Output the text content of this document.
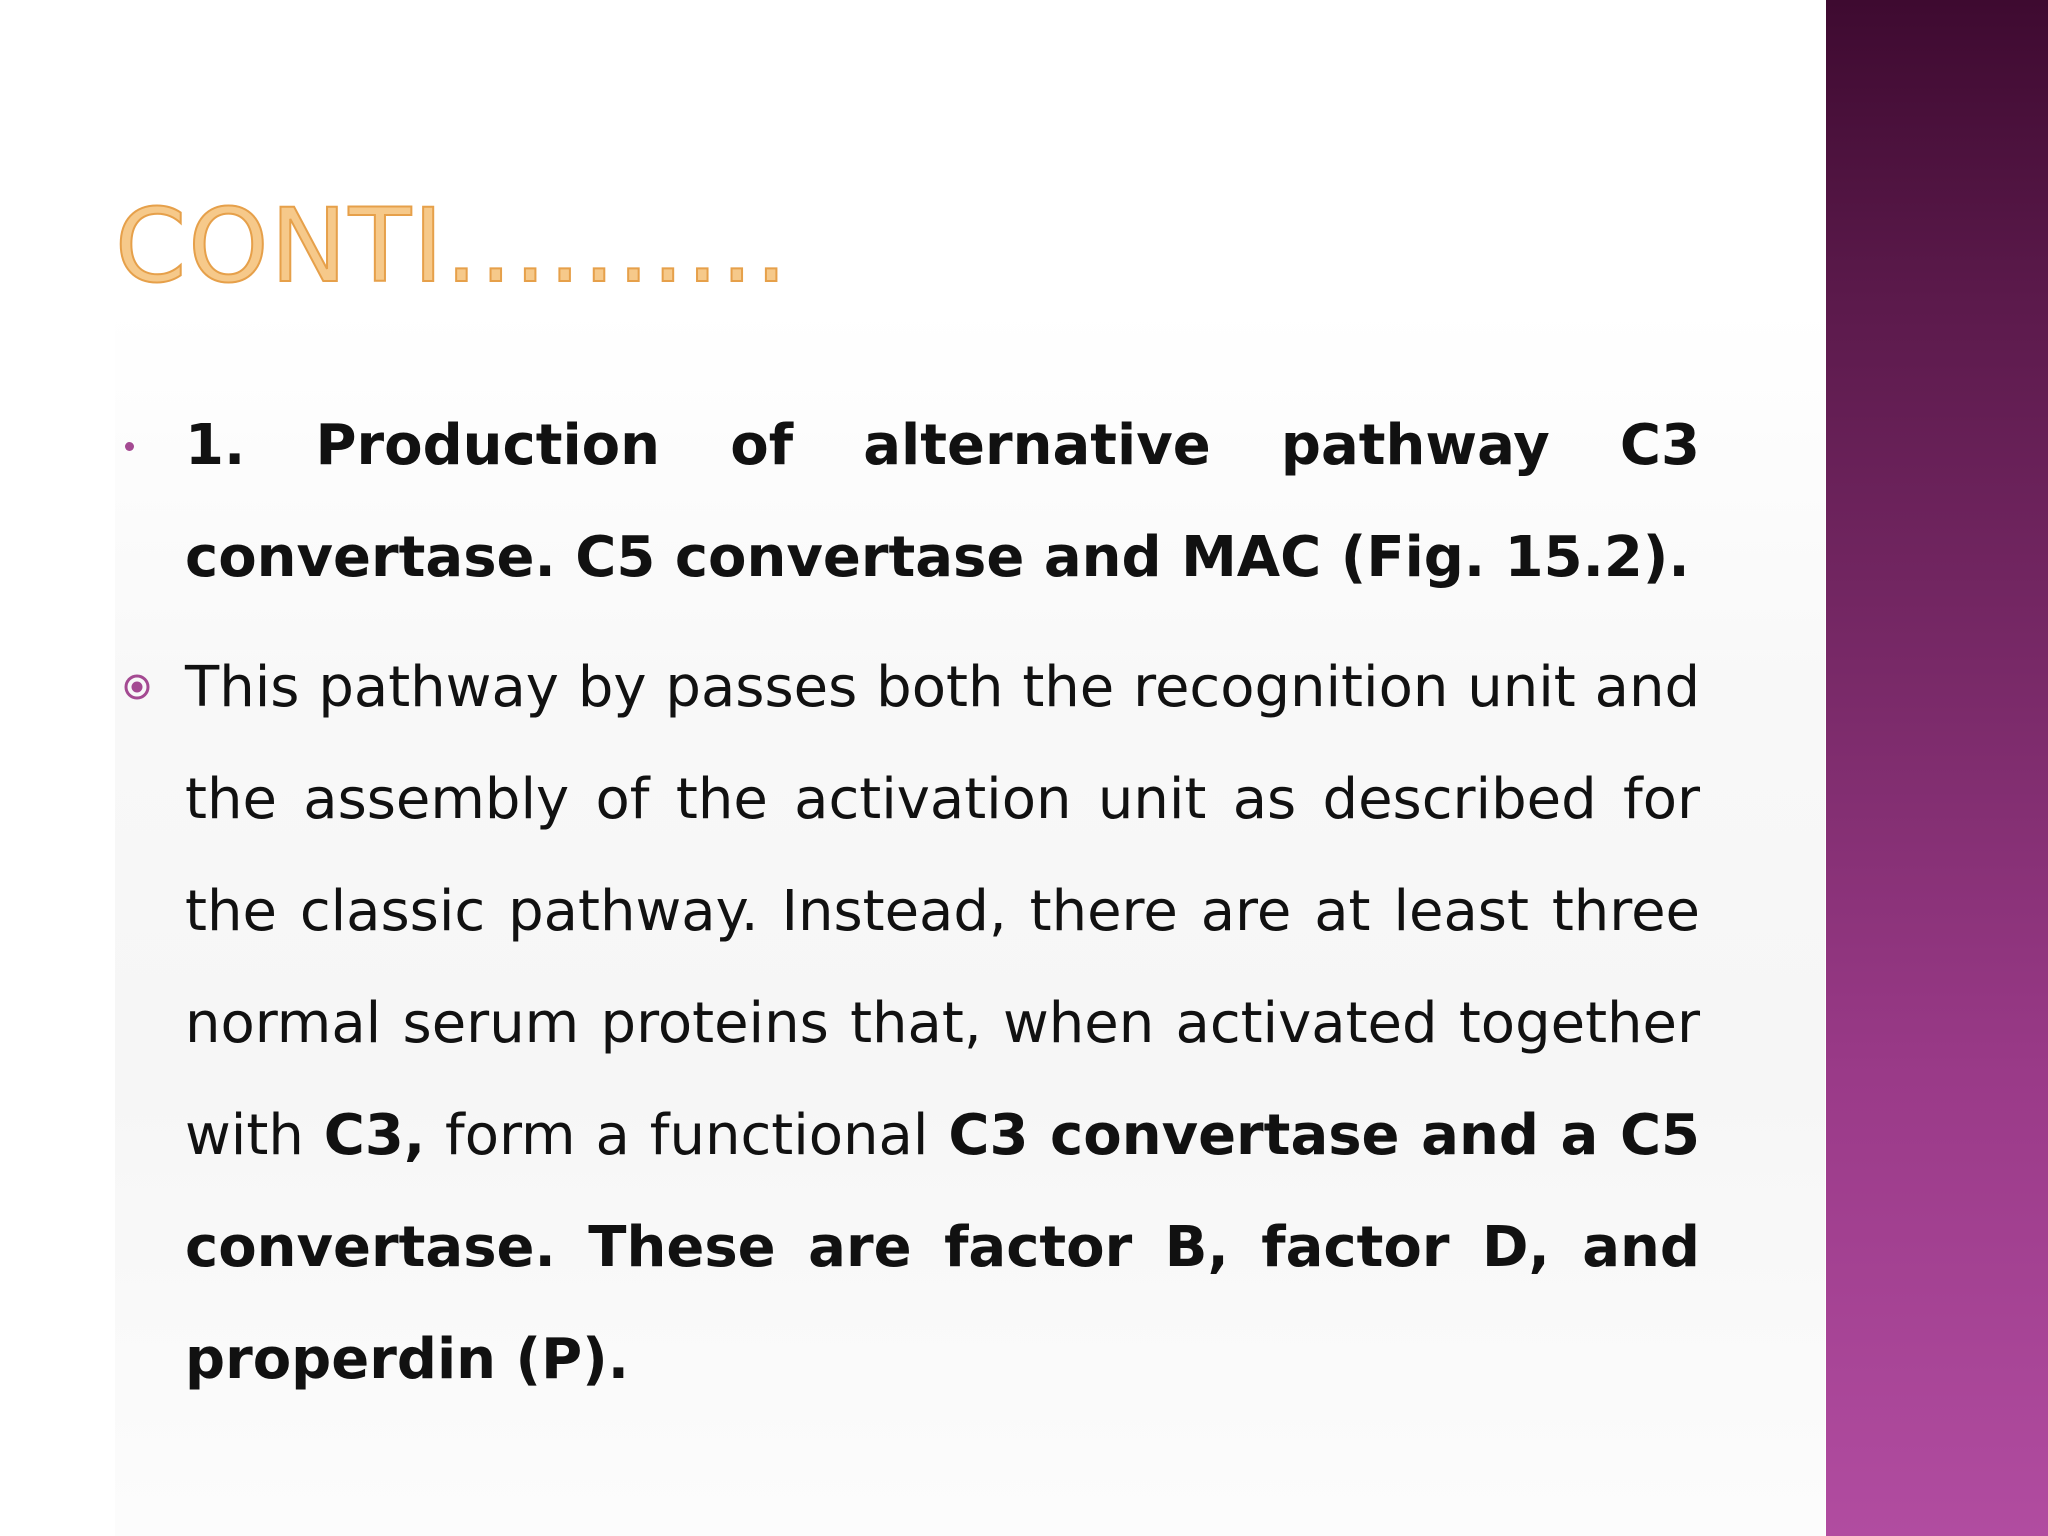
CONTI..........
1. Production of alternative pathway C3 convertase. C5 convertase and MAC (Fig. 15.2).
This pathway by passes both the recognition unit and the assembly of the activation unit as described for the classic pathway. Instead, there are at least three normal serum proteins that, when activated together with C3, form a functional C3 convertase and a C5 convertase. These are factor B, factor D, and properdin (P).
